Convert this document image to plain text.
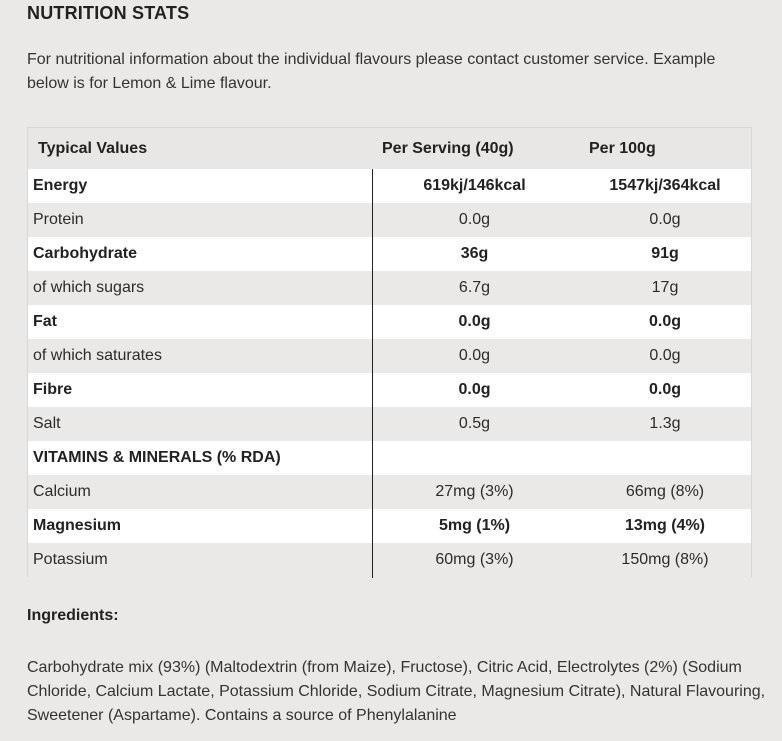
NUTRITION STATS
For nutritional information about the individual flavours please contact customer service. Example below is for Lemon & Lime flavour.
Typical Values	Per Serving (40g)	Per 100g
Energy	619kj/146kcal	1547kj/364kcal
Protein	0.0g	0.0g
Carbohydrate	36g	91g
of which sugars	6.7g	17g
Fat	0.0g	0.0g
of which saturates	0.0g	0.0g
Fibre	0.0g	0.0g
Salt	0.5g	1.3g
VITAMINS & MINERALS (% RDA)
Calcium	27mg (3%)	66mg (8%)
Magnesium	5mg (1%)	13mg (4%)
Potassium	60mg (3%)	150mg (8%)
Ingredients:
Carbohydrate mix (93%) (Maltodextrin (from Maize), Fructose), Citric Acid, Electrolytes (2%) (Sodium Chloride, Calcium Lactate, Potassium Chloride, Sodium Citrate, Magnesium Citrate), Natural Flavouring, Sweetener (Aspartame). Contains a source of Phenylalanine
